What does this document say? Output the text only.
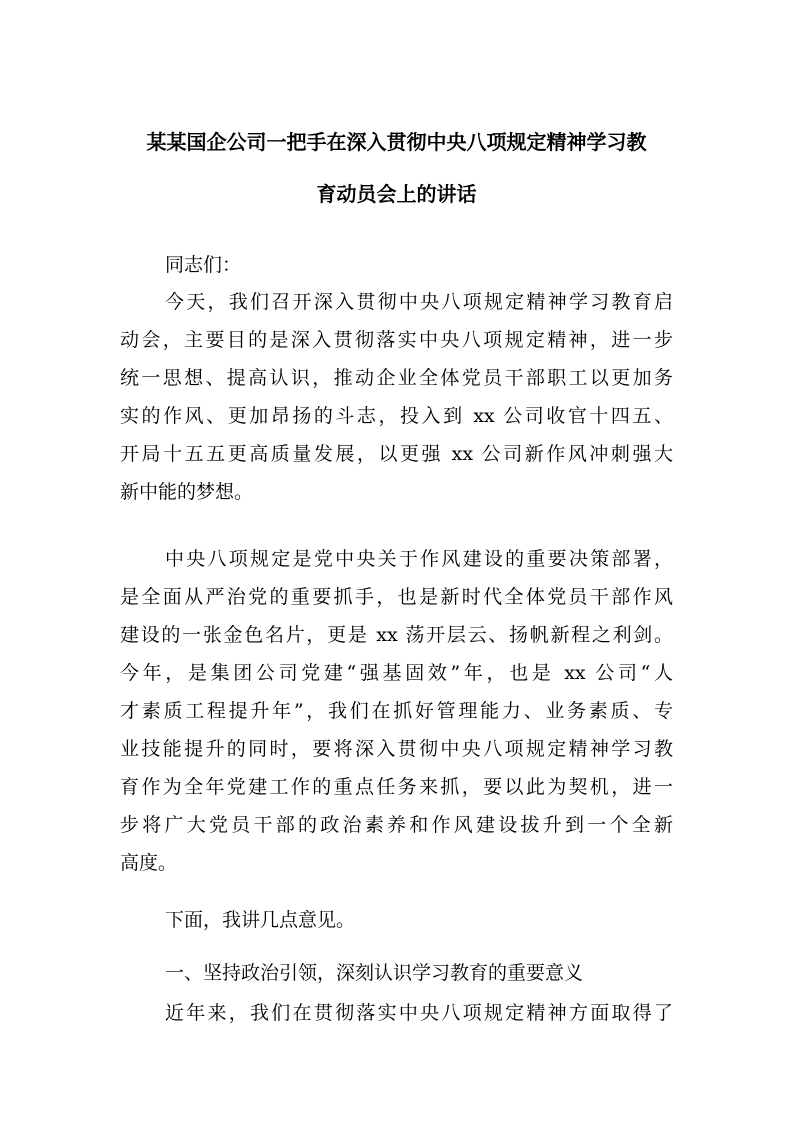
某某国企公司一把手在深入贯彻中央八项规定精神学习教
育动员会上的讲话
同志们：
今天，我们召开深入贯彻中央八项规定精神学习教育启
动会，主要目的是深入贯彻落实中央八项规定精神，进一步
统一思想、提高认识，推动企业全体党员干部职工以更加务
实的作风、更加昂扬的斗志，投入到 xx 公司收官十四五、
开局十五五更高质量发展，以更强 xx 公司新作风冲刺强大
新中能的梦想。
中央八项规定是党中央关于作风建设的重要决策部署，
是全面从严治党的重要抓手，也是新时代全体党员干部作风
建设的一张金色名片，更是 xx 荡开层云、扬帆新程之利剑。
今年，是集团公司党建“强基固效”年，也是 xx 公司“人
才素质工程提升年”，我们在抓好管理能力、业务素质、专
业技能提升的同时，要将深入贯彻中央八项规定精神学习教
育作为全年党建工作的重点任务来抓，要以此为契机，进一
步将广大党员干部的政治素养和作风建设拔升到一个全新
高度。
下面，我讲几点意见。
一、坚持政治引领，深刻认识学习教育的重要意义
近年来，我们在贯彻落实中央八项规定精神方面取得了
